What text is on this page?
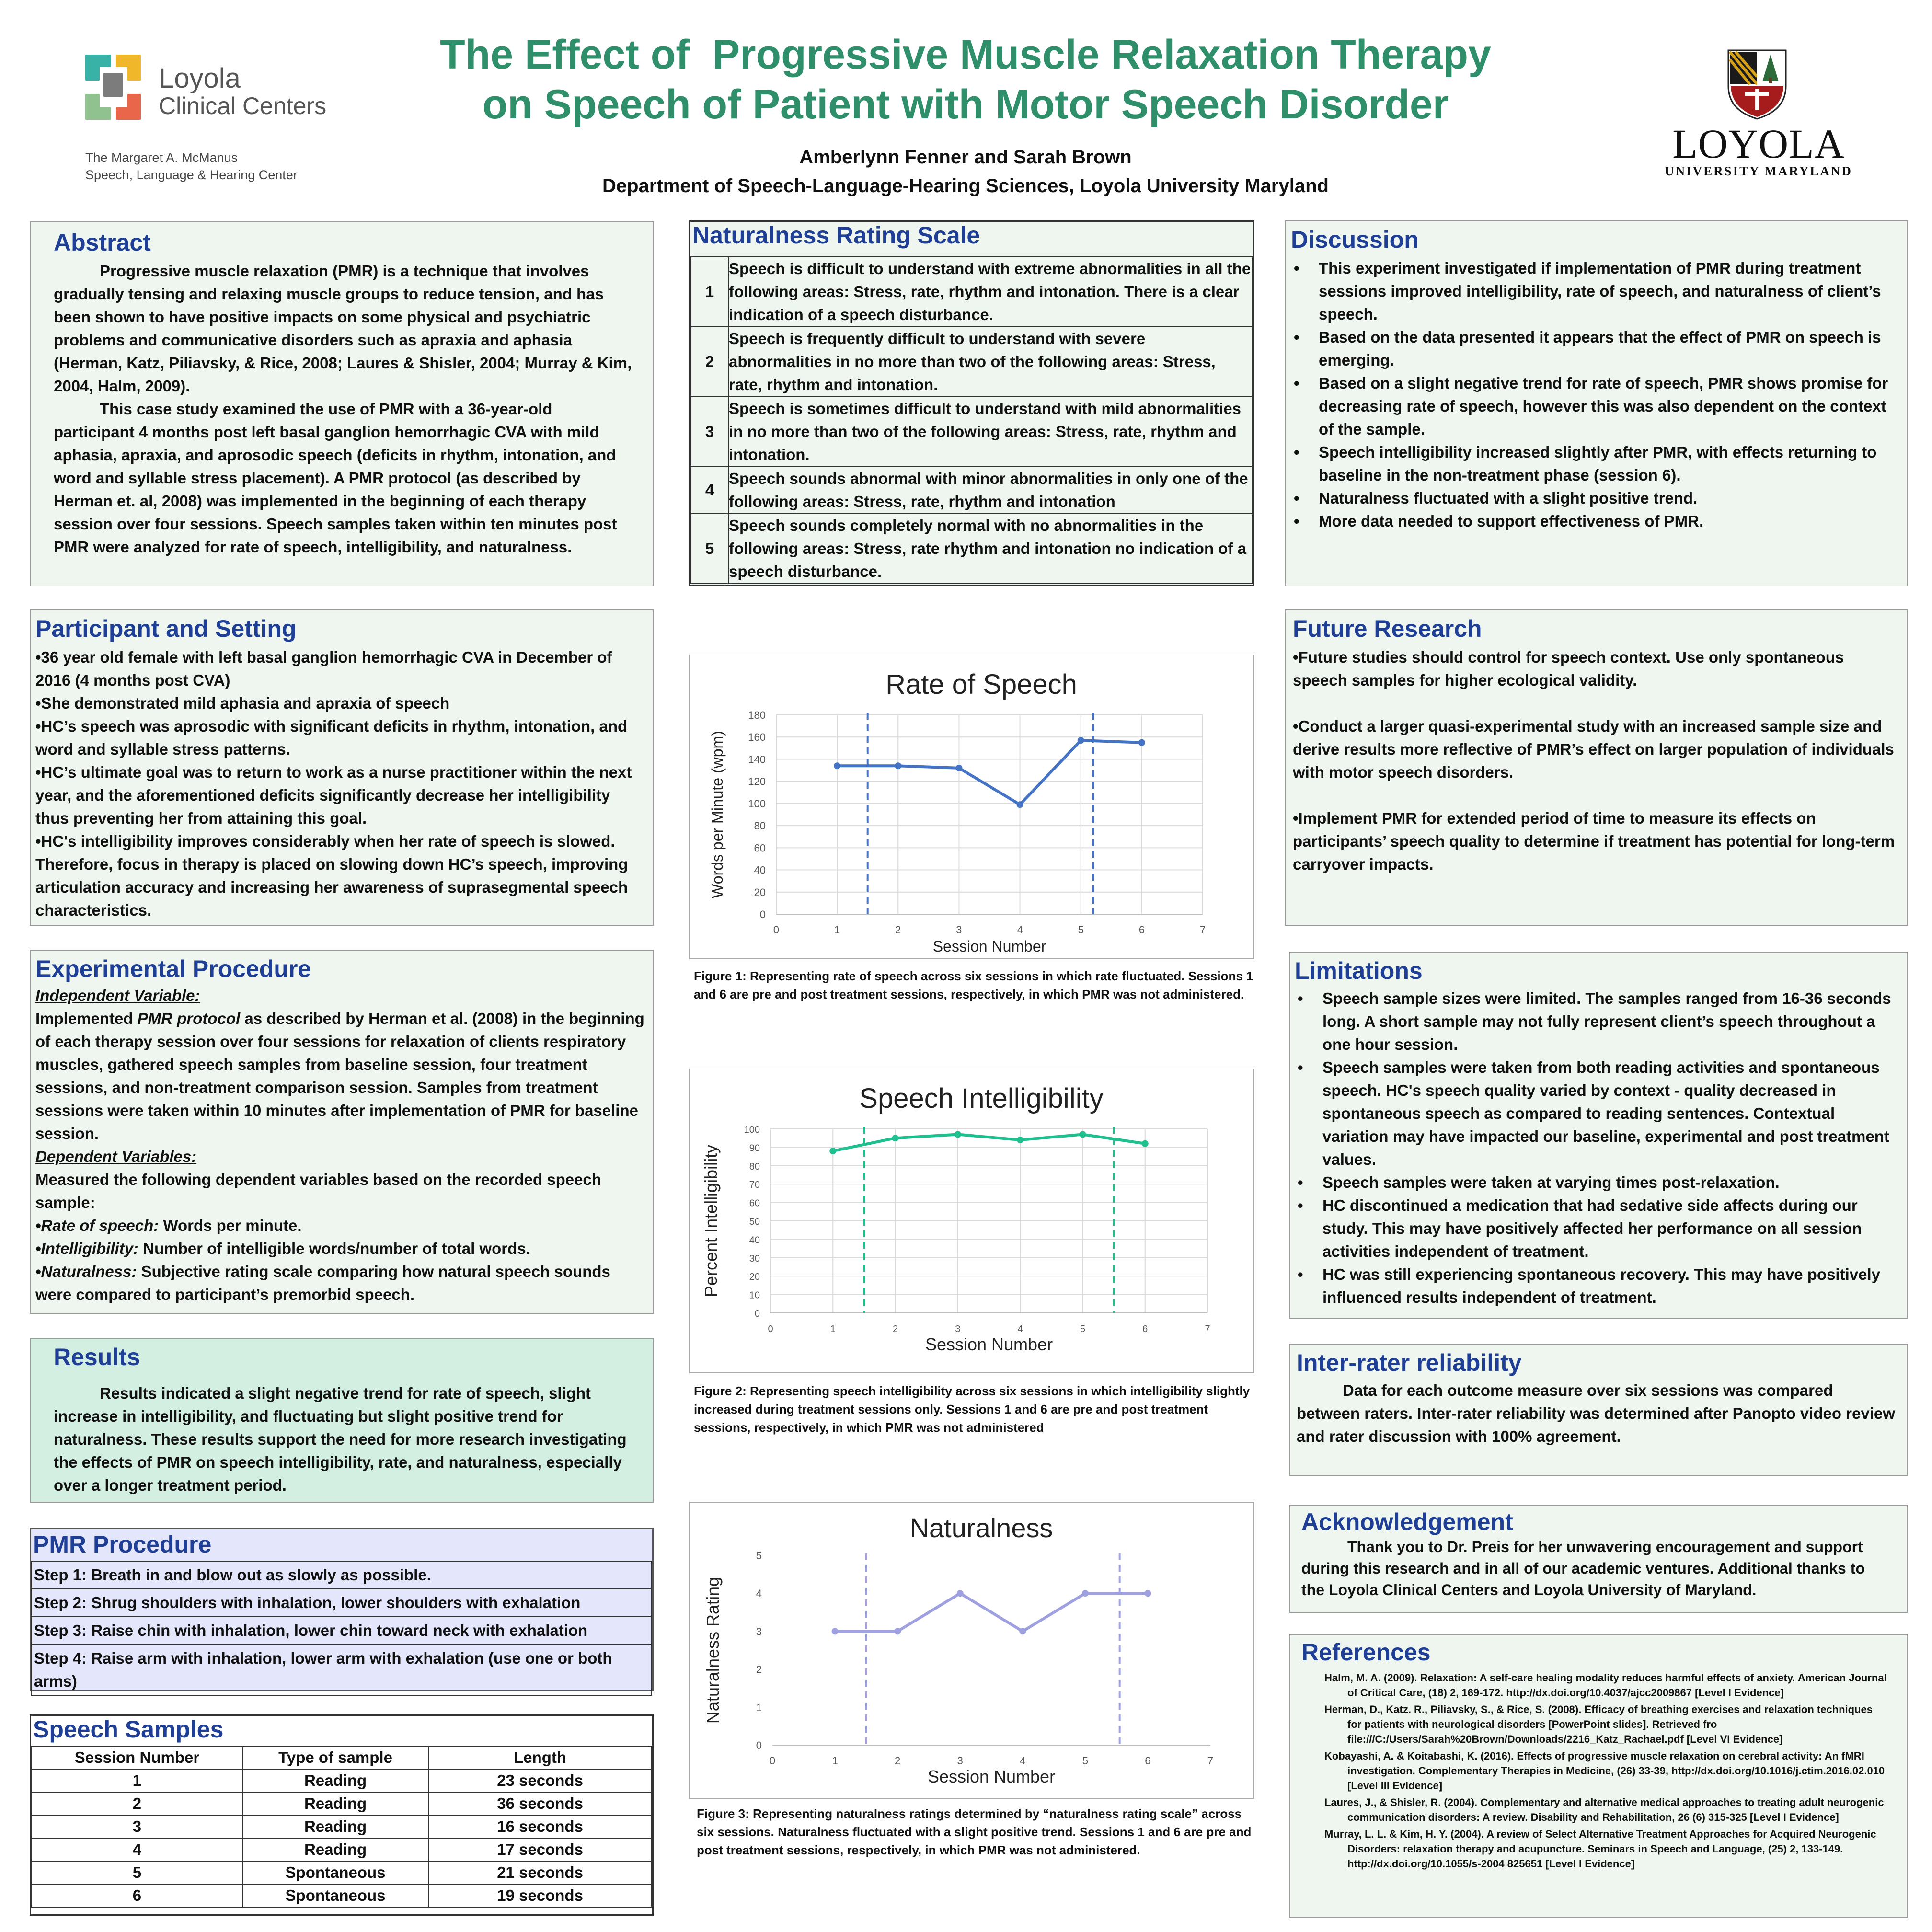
Loyola
Clinical Centers
The Margaret A. McManus
Speech, Language & Hearing Center
The Effect of  Progressive Muscle Relaxation Therapy
on Speech of Patient with Motor Speech Disorder
Amberlynn Fenner and Sarah Brown
Department of Speech-Language-Hearing Sciences, Loyola University Maryland
LOYOLA
UNIVERSITY MARYLAND
Abstract

Progressive muscle relaxation (PMR) is a technique that involves gradually tensing and relaxing muscle groups to reduce tension, and has been shown to have positive impacts on some physical and psychiatric problems and communicative disorders such as apraxia and aphasia (Herman, Katz, Piliavsky, & Rice, 2008; Laures & Shisler, 2004; Murray & Kim, 2004, Halm, 2009).

This case study examined the use of PMR with a 36-year-old participant 4 months post left basal ganglion hemorrhagic CVA with mild aphasia, apraxia, and aprosodic speech (deficits in rhythm, intonation, and word and syllable stress placement). A PMR protocol (as described by Herman et. al, 2008) was implemented in the beginning of each therapy session over four sessions. Speech samples taken within ten minutes post PMR were analyzed for rate of speech, intelligibility, and naturalness.

Participant and Setting

•36 year old female with left basal ganglion hemorrhagic CVA in December of 2016 (4 months post CVA)

•She demonstrated mild aphasia and apraxia of speech

•HC’s speech was aprosodic with significant deficits in rhythm, intonation, and word and syllable stress patterns.

•HC’s ultimate goal was to return to work as a nurse practitioner within the next year, and the aforementioned deficits significantly decrease her intelligibility thus preventing her from attaining this goal.

•HC's intelligibility improves considerably when her rate of speech is slowed. Therefore, focus in therapy is placed on slowing down HC’s speech, improving articulation accuracy and increasing her awareness of suprasegmental speech characteristics.

Experimental Procedure

Independent Variable:

Implemented PMR protocol as described by Herman et al. (2008) in the beginning of each therapy session over four sessions for relaxation of clients respiratory muscles, gathered speech samples from baseline session, four treatment sessions, and non-treatment comparison session. Samples from treatment sessions were taken within 10 minutes after implementation of PMR for baseline session.

Dependent Variables:

Measured the following dependent variables based on the recorded speech sample:

•Rate of speech: Words per minute.

•Intelligibility: Number of intelligible words/number of total words.

•Naturalness: Subjective rating scale comparing how natural speech sounds were compared to participant’s premorbid speech.

Results

Results indicated a slight negative trend for rate of speech, slight increase in intelligibility, and fluctuating but slight positive trend for naturalness. These results support the need for more research investigating the effects of PMR on speech intelligibility, rate, and naturalness, especially over a longer treatment period.

PMR Procedure
Step 1: Breath in and blow out as slowly as possible.
Step 2: Shrug shoulders with inhalation, lower shoulders with exhalation
Step 3: Raise chin with inhalation, lower chin toward neck with exhalation
Step 4: Raise arm with inhalation, lower arm with exhalation (use one or both arms)
Speech Samples
Session Number	Type of sample	Length
1	Reading	23 seconds
2	Reading	36 seconds
3	Reading	16 seconds
4	Reading	17 seconds
5	Spontaneous	21 seconds
6	Spontaneous	19 seconds
Naturalness Rating Scale
1	Speech is difficult to understand with extreme abnormalities in all the following areas: Stress, rate, rhythm and intonation. There is a clear indication of a speech disturbance.
2	Speech is frequently difficult to understand with severe abnormalities in no more than two of the following areas: Stress, rate, rhythm and intonation.
3	Speech is sometimes difficult to understand with mild abnormalities in no more than two of the following areas: Stress, rate, rhythm and intonation.
4	Speech sounds abnormal with minor abnormalities in only one of the following areas: Stress, rate, rhythm and intonation
5	Speech sounds completely normal with no abnormalities in the following areas: Stress, rate rhythm and intonation no indication of a speech disturbance.
Rate of Speech
0
20
40
60
80
100
120
140
160
180
0	1	2	3	4	5	6	7
Session Number
Words per Minute (wpm)
Figure 1: Representing rate of speech across six sessions in which rate fluctuated. Sessions 1 and 6 are pre and post treatment sessions, respectively, in which PMR was not administered.
Speech Intelligibility
0
10
20
30
40
50
60
70
80
90
100
0	1	2	3	4	5	6	7
Session Number
Percent Intelligibility
Figure 2: Representing speech intelligibility across six sessions in which intelligibility slightly increased during treatment sessions only. Sessions 1 and 6 are pre and post treatment sessions, respectively, in which PMR was not administered
Naturalness
0
1
2
3
4
5
0	1	2	3	4	5	6	7
Session Number
Naturalness Rating
Figure 3: Representing naturalness ratings determined by “naturalness rating scale” across six sessions. Naturalness fluctuated with a slight positive trend. Sessions 1 and 6 are pre and post treatment sessions, respectively, in which PMR was not administered.
Discussion
• This experiment investigated if implementation of PMR during treatment sessions improved intelligibility, rate of speech, and naturalness of client’s speech.
• Based on the data presented it appears that the effect of PMR on speech is emerging.
• Based on a slight negative trend for rate of speech, PMR shows promise for decreasing rate of speech, however this was also dependent on the context of the sample.
• Speech intelligibility increased slightly after PMR, with effects returning to baseline in the non-treatment phase (session 6).
• Naturalness fluctuated with a slight positive trend.
• More data needed to support effectiveness of PMR.
Future Research

•Future studies should control for speech context. Use only spontaneous speech samples for higher ecological validity.

•Conduct a larger quasi-experimental study with an increased sample size and derive results more reflective of PMR’s effect on larger population of individuals with motor speech disorders.

•Implement PMR for extended period of time to measure its effects on participants’ speech quality to determine if treatment has potential for long-term carryover impacts.

Limitations
• Speech sample sizes were limited. The samples ranged from 16-36 seconds long. A short sample may not fully represent client’s speech throughout a one hour session.
• Speech samples were taken from both reading activities and spontaneous speech. HC's speech quality varied by context - quality decreased in spontaneous speech as compared to reading sentences. Contextual variation may have impacted our baseline, experimental and post treatment values.
• Speech samples were taken at varying times post-relaxation.
• HC discontinued a medication that had sedative side affects during our study. This may have positively affected her performance on all session activities independent of treatment.
• HC was still experiencing spontaneous recovery. This may have positively influenced results independent of treatment.
Inter-rater reliability

Data for each outcome measure over six sessions was compared between raters. Inter-rater reliability was determined after Panopto video review and rater discussion with 100% agreement.

Acknowledgement

Thank you to Dr. Preis for her unwavering encouragement and support during this research and in all of our academic ventures. Additional thanks to the Loyola Clinical Centers and Loyola University of Maryland.

References

Halm, M. A. (2009). Relaxation: A self-care healing modality reduces harmful effects of anxiety. American Journal of Critical Care, (18) 2, 169-172. http://dx.doi.org/10.4037/ajcc2009867 [Level I Evidence]

Herman, D., Katz. R., Piliavsky, S., & Rice, S. (2008). Efficacy of breathing exercises and relaxation techniques for patients with neurological disorders [PowerPoint slides]. Retrieved fro file:///C:/Users/Sarah%20Brown/Downloads/2216_Katz_Rachael.pdf [Level VI Evidence]

Kobayashi, A. & Koitabashi, K. (2016). Effects of progressive muscle relaxation on cerebral activity: An fMRI investigation. Complementary Therapies in Medicine, (26) 33-39, http://dx.doi.org/10.1016/j.ctim.2016.02.010 [Level III Evidence]

Laures, J., & Shisler, R. (2004). Complementary and alternative medical approaches to treating adult neurogenic communication disorders: A review. Disability and Rehabilitation, 26 (6) 315-325 [Level I Evidence]

Murray, L. L. & Kim, H. Y. (2004). A review of Select Alternative Treatment Approaches for Acquired Neurogenic Disorders: relaxation therapy and acupuncture. Seminars in Speech and Language, (25) 2, 133-149. http://dx.doi.org/10.1055/s-2004 825651 [Level I Evidence]
